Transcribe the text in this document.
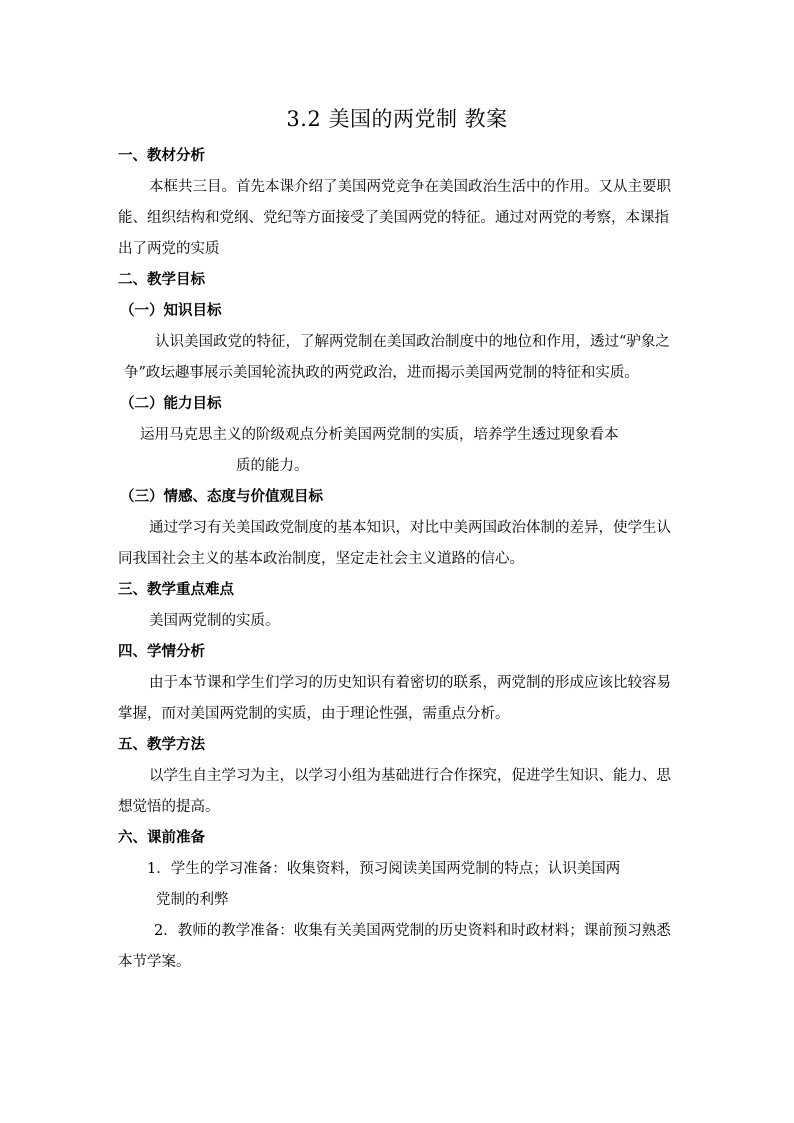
3.2 美国的两党制 教案
一、教材分析
本框共三目。首先本课介绍了美国两党竞争在美国政治生活中的作用。又从主要职能、组织结构和党纲、党纪等方面接受了美国两党的特征。通过对两党的考察，本课指出了两党的实质
二、教学目标
（一）知识目标
认识美国政党的特征，了解两党制在美国政治制度中的地位和作用，透过“驴象之争”政坛趣事展示美国轮流执政的两党政治，进而揭示美国两党制的特征和实质。
（二）能力目标
运用马克思主义的阶级观点分析美国两党制的实质，培养学生透过现象看本
质的能力。
（三）情感、态度与价值观目标
通过学习有关美国政党制度的基本知识，对比中美两国政治体制的差异，使学生认同我国社会主义的基本政治制度，坚定走社会主义道路的信心。
三、教学重点难点
美国两党制的实质。
四、学情分析
由于本节课和学生们学习的历史知识有着密切的联系，两党制的形成应该比较容易掌握，而对美国两党制的实质，由于理论性强，需重点分析。
五、教学方法
以学生自主学习为主，以学习小组为基础进行合作探究，促进学生知识、能力、思想觉悟的提高。
六、课前准备
1．学生的学习准备：收集资料，预习阅读美国两党制的特点；认识美国两
党制的利弊
2．教师的教学准备：收集有关美国两党制的历史资料和时政材料；课前预习熟悉本节学案。
